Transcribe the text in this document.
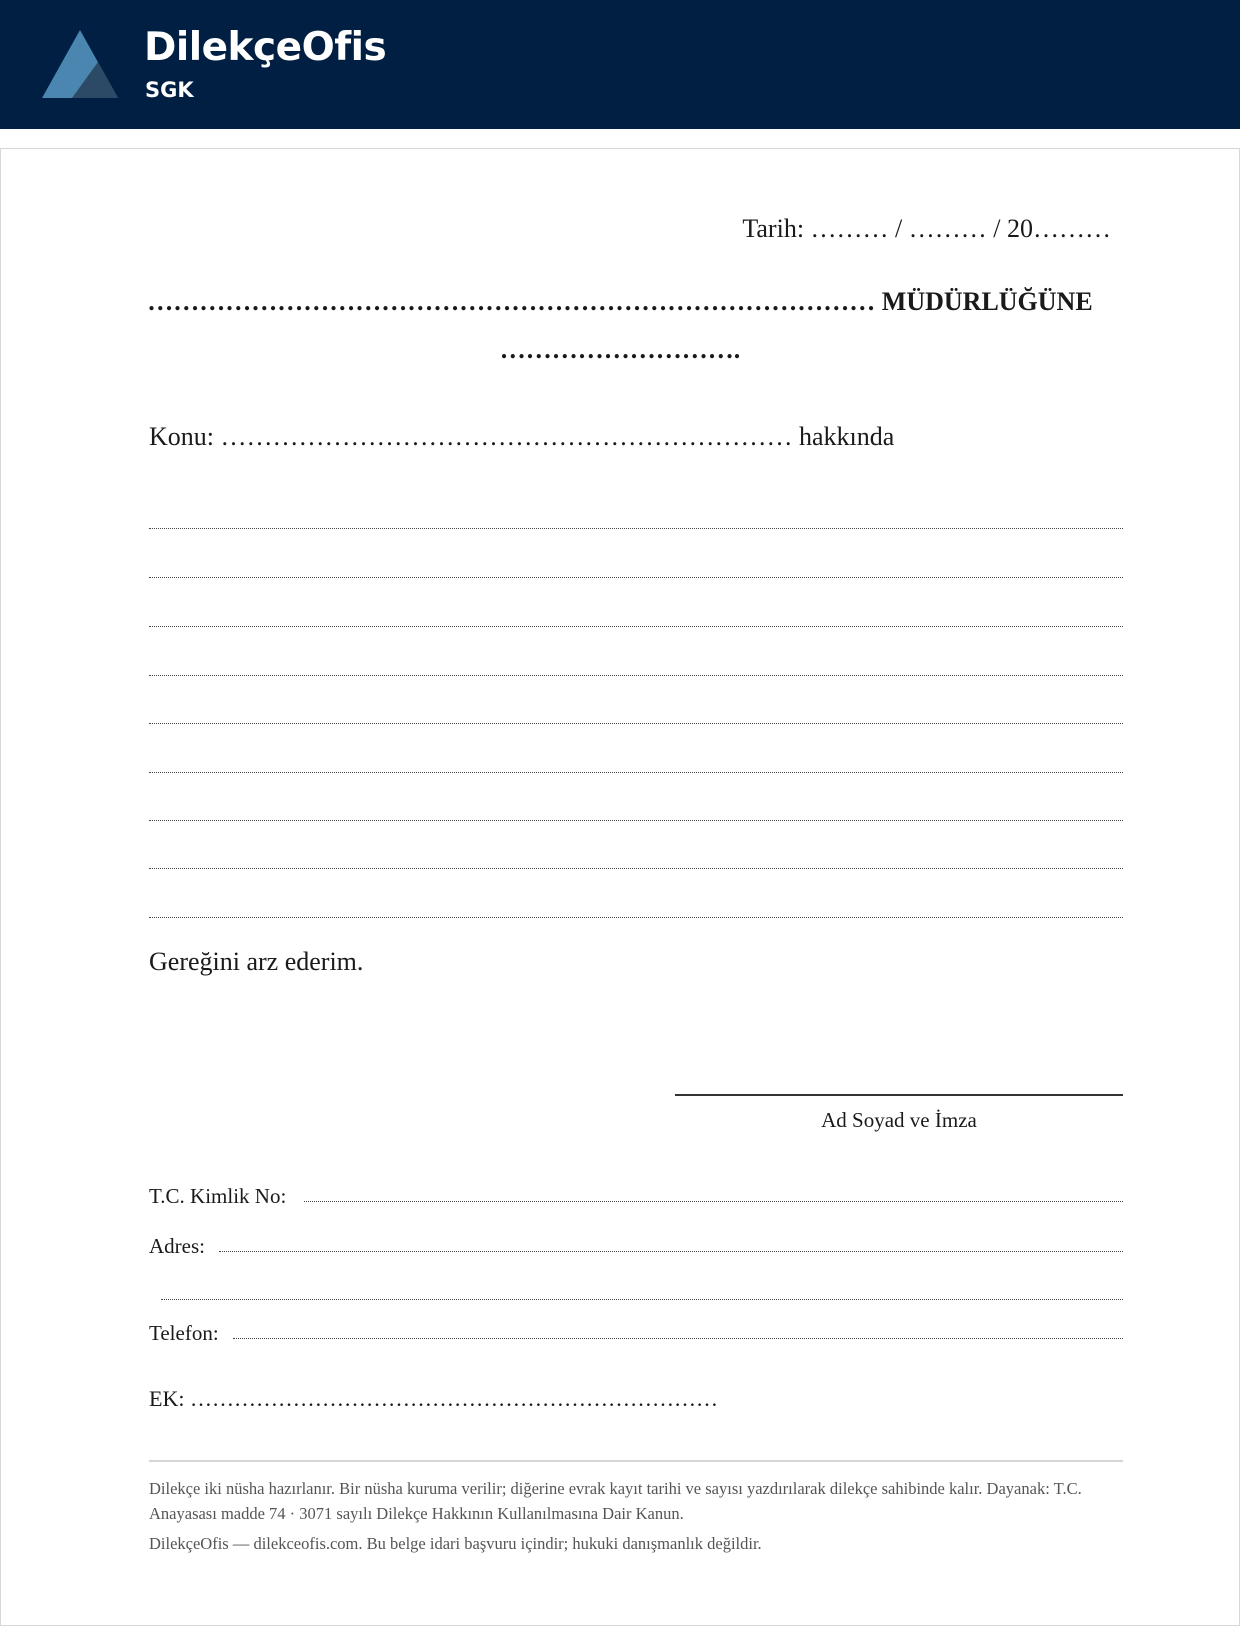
DilekçeOfis
SGK
Tarih: ……… / ……… / 20………
………………………………………………………………………… MÜDÜRLÜĞÜNE
……………………….
Konu: ………………………………………………………… hakkında
Gereğini arz ederim.
Ad Soyad ve İmza
T.C. Kimlik No:
Adres:
Telefon:
EK: ………………………………………………………………
Dilekçe iki nüsha hazırlanır. Bir nüsha kuruma verilir; diğerine evrak kayıt tarihi ve sayısı yazdırılarak dilekçe sahibinde kalır. Dayanak: T.C. Anayasası madde 74 · 3071 sayılı Dilekçe Hakkının Kullanılmasına Dair Kanun.
DilekçeOfis — dilekceofis.com. Bu belge idari başvuru içindir; hukuki danışmanlık değildir.
